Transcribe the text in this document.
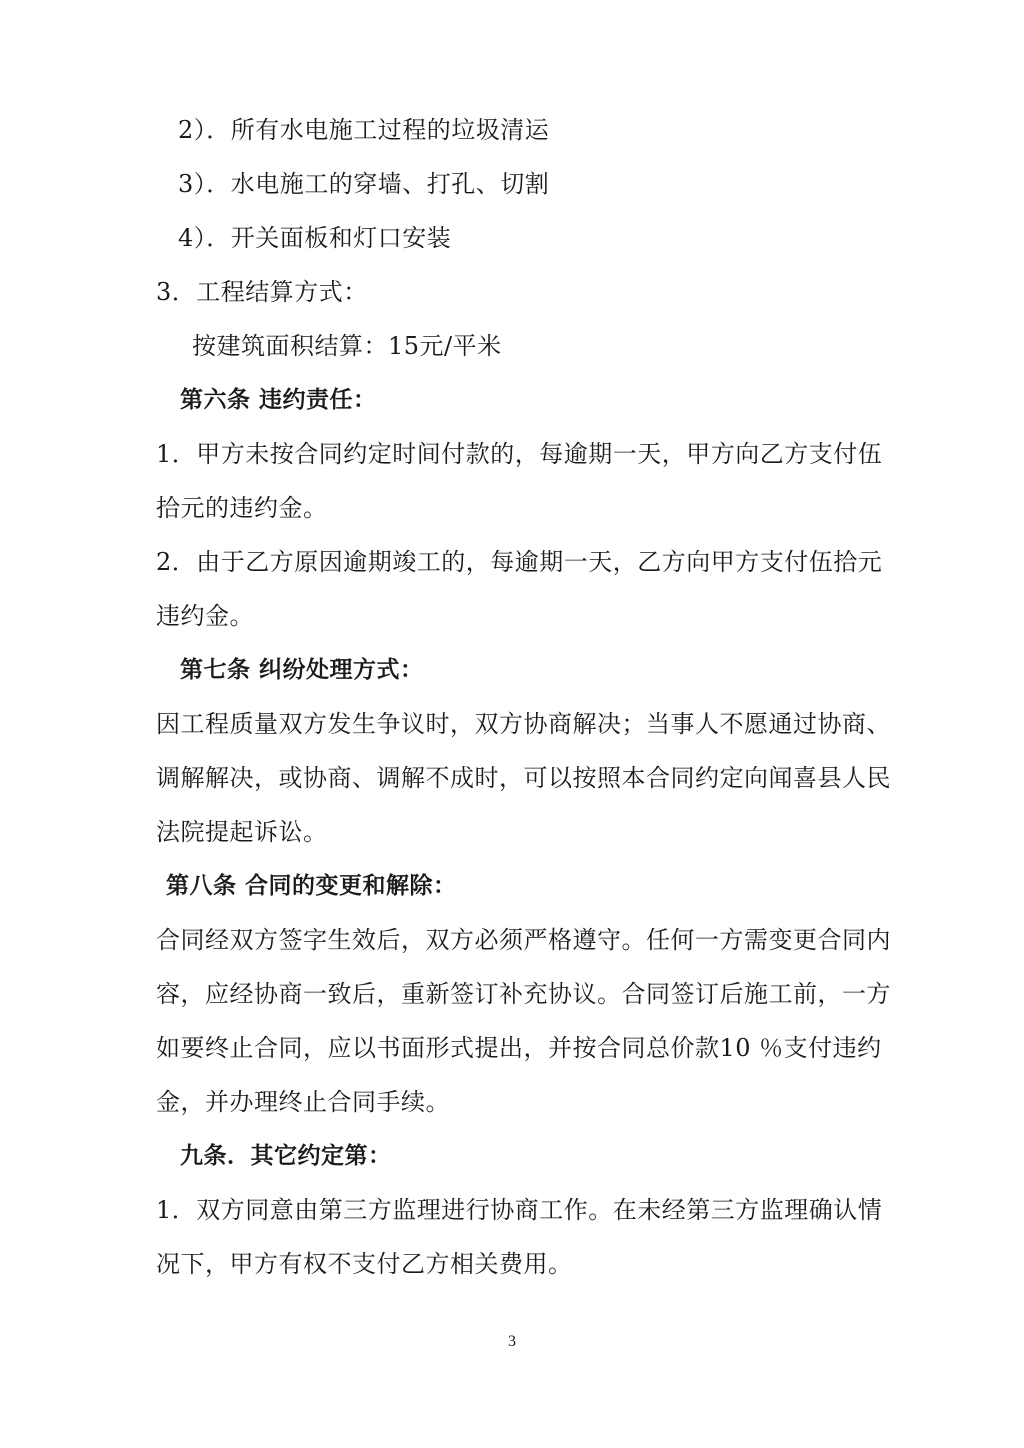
2）．所有水电施工过程的垃圾清运
3）．水电施工的穿墙、打孔、切割
4）．开关面板和灯口安装
3．工程结算方式：
按建筑面积结算：15元/平米
第六条 违约责任：
1．甲方未按合同约定时间付款的，每逾期一天，甲方向乙方支付伍
拾元的违约金。
2．由于乙方原因逾期竣工的，每逾期一天，乙方向甲方支付伍拾元
违约金。
第七条 纠纷处理方式：
因工程质量双方发生争议时，双方协商解决；当事人不愿通过协商、
调解解决，或协商、调解不成时，可以按照本合同约定向闻喜县人民
法院提起诉讼。
第八条 合同的变更和解除：
合同经双方签字生效后，双方必须严格遵守。任何一方需变更合同内
容，应经协商一致后，重新签订补充协议。合同签订后施工前，一方
如要终止合同，应以书面形式提出，并按合同总价款10 ％支付违约
金，并办理终止合同手续。
九条．其它约定第：
1．双方同意由第三方监理进行协商工作。在未经第三方监理确认情
况下，甲方有权不支付乙方相关费用。
3
